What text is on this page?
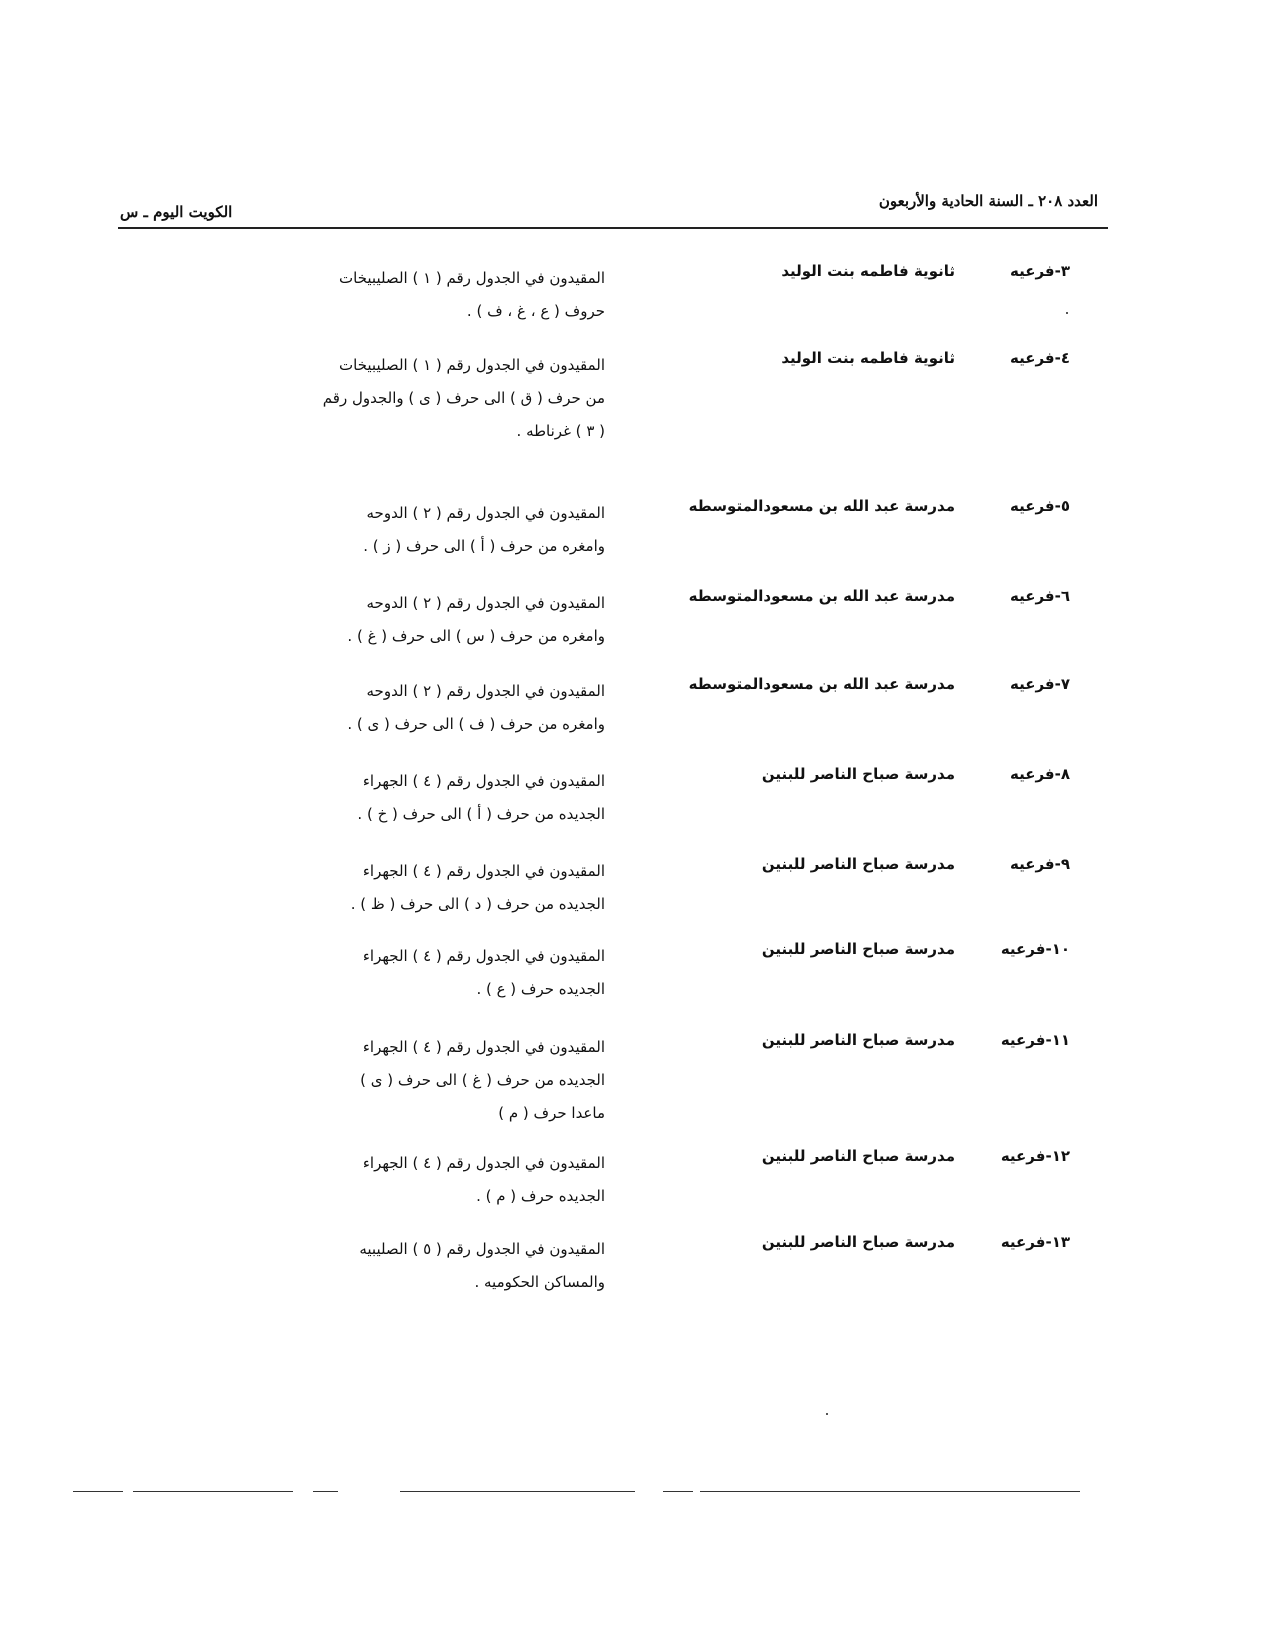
العدد ٢٠٨ ـ السنة الحادية والأربعون
الكويت اليوم ـ س
٣-فرعيه
ثانوية فاطمه بنت الوليد
المقيدون في الجدول رقم ( ١ ) الصليبيخات
حروف ( ع ، غ ، ف ) .
٤-فرعيه
ثانوية فاطمه بنت الوليد
المقيدون في الجدول رقم ( ١ ) الصليبيخات
من حرف ( ق ) الى حرف ( ى ) والجدول رقم
( ٣ ) غرناطه .
٥-فرعيه
مدرسة عبد الله بن مسعودالمتوسطه
المقيدون في الجدول رقم ( ٢ ) الدوحه
وامغره من حرف ( أ ) الى حرف ( ز ) .
٦-فرعيه
مدرسة عبد الله بن مسعودالمتوسطه
المقيدون في الجدول رقم ( ٢ ) الدوحه
وامغره من حرف ( س ) الى حرف ( غ ) .
٧-فرعيه
مدرسة عبد الله بن مسعودالمتوسطه
المقيدون في الجدول رقم ( ٢ ) الدوحه
وامغره من حرف ( ف ) الى حرف ( ى ) .
٨-فرعيه
مدرسة صباح الناصر للبنين
المقيدون في الجدول رقم ( ٤ ) الجهراء
الجديده من حرف ( أ ) الى حرف ( خ ) .
٩-فرعيه
مدرسة صباح الناصر للبنين
المقيدون في الجدول رقم ( ٤ ) الجهراء
الجديده من حرف ( د ) الى حرف ( ظ ) .
١٠-فرعيه
مدرسة صباح الناصر للبنين
المقيدون في الجدول رقم ( ٤ ) الجهراء
الجديده حرف ( ع ) .
١١-فرعيه
مدرسة صباح الناصر للبنين
المقيدون في الجدول رقم ( ٤ ) الجهراء
الجديده من حرف ( غ ) الى حرف ( ى )
ماعدا حرف ( م )
١٢-فرعيه
مدرسة صباح الناصر للبنين
المقيدون في الجدول رقم ( ٤ ) الجهراء
الجديده حرف ( م ) .
١٣-فرعيه
مدرسة صباح الناصر للبنين
المقيدون في الجدول رقم ( ٥ ) الصليبيه
والمساكن الحكوميه .
